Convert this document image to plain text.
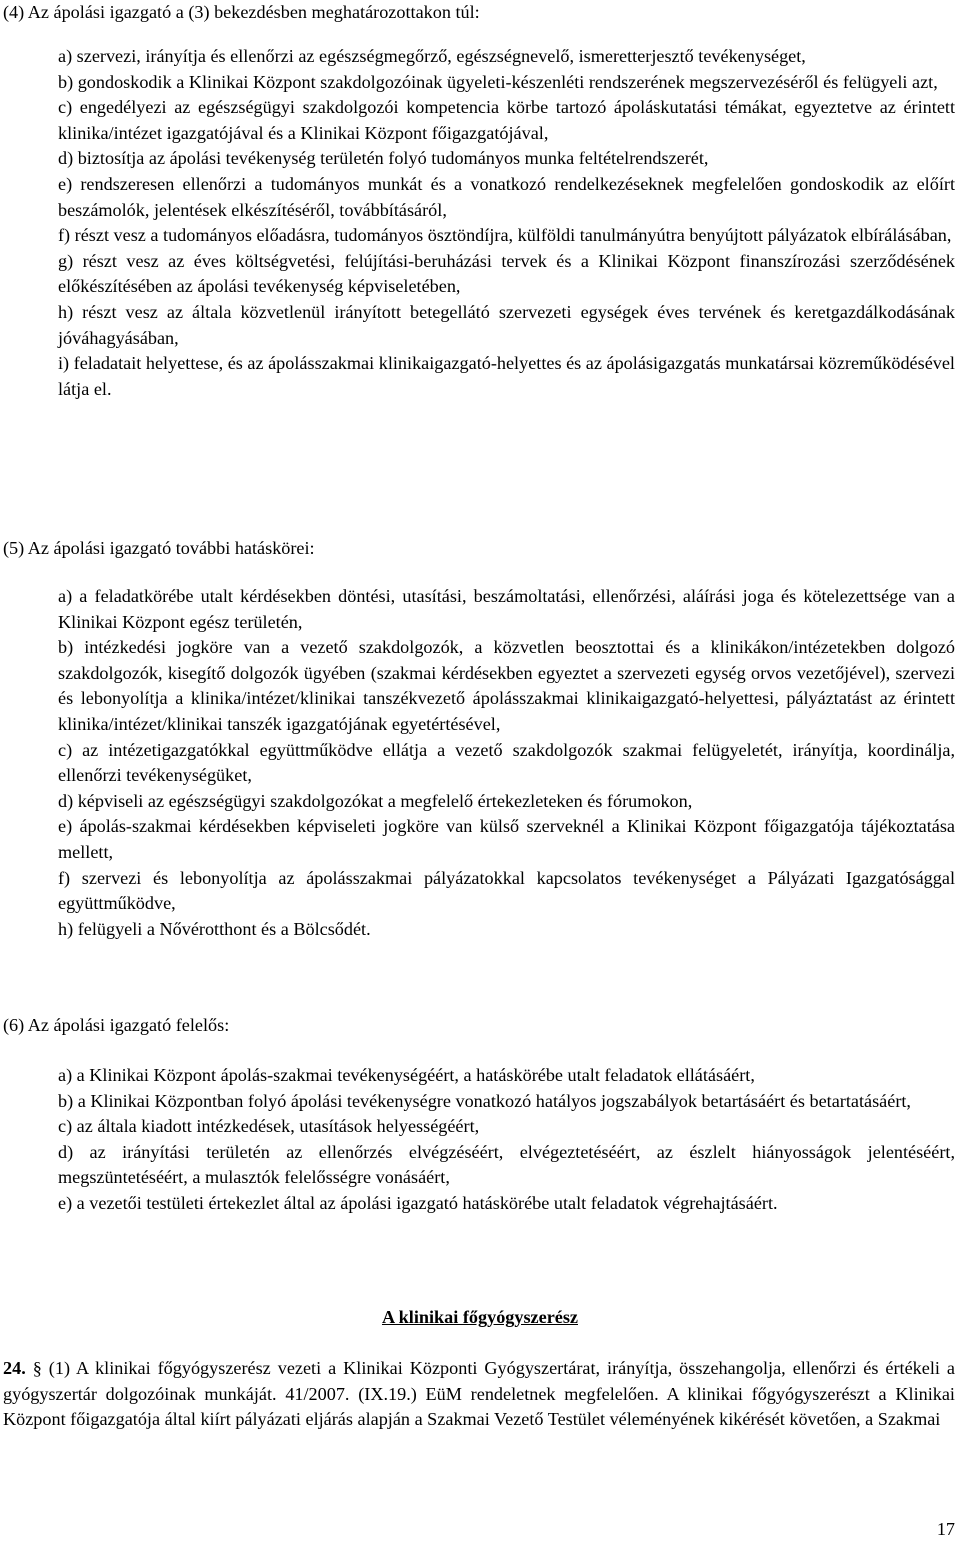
(4) Az ápolási igazgató a (3) bekezdésben meghatározottakon túl:

a) szervezi, irányítja és ellenőrzi az egészségmegőrző, egészségnevelő, ismeretterjesztő tevékenységet,

b) gondoskodik a Klinikai Központ szakdolgozóinak ügyeleti-készenléti rendszerének megszervezéséről és felügyeli azt,

c) engedélyezi az egészségügyi szakdolgozói kompetencia körbe tartozó ápoláskutatási témákat, egyeztetve az érintett klinika/intézet igazgatójával és a Klinikai Központ főigazgatójával,

d) biztosítja az ápolási tevékenység területén folyó tudományos munka feltételrendszerét,

e) rendszeresen ellenőrzi a tudományos munkát és a vonatkozó rendelkezéseknek megfelelően gondoskodik az előírt beszámolók, jelentések elkészítéséről, továbbításáról,

f) részt vesz a tudományos előadásra, tudományos ösztöndíjra, külföldi tanulmányútra benyújtott pályázatok elbírálásában,

g) részt vesz az éves költségvetési, felújítási-beruházási tervek és a Klinikai Központ finanszírozási szerződésének előkészítésében az ápolási tevékenység képviseletében,

h) részt vesz az általa közvetlenül irányított betegellátó szervezeti egységek éves tervének és keretgazdálkodásának jóváhagyásában,

i) feladatait helyettese, és az ápolásszakmai klinikaigazgató-helyettes és az ápolásigazgatás munkatársai közreműködésével látja el.

(5) Az ápolási igazgató további hatáskörei:

a) a feladatkörébe utalt kérdésekben döntési, utasítási, beszámoltatási, ellenőrzési, aláírási joga és kötelezettsége van a Klinikai Központ egész területén,

b) intézkedési jogköre van a vezető szakdolgozók, a közvetlen beosztottai és a klinikákon/intézetekben dolgozó szakdolgozók, kisegítő dolgozók ügyében (szakmai kérdésekben egyeztet a szervezeti egység orvos vezetőjével), szervezi és lebonyolítja a klinika/intézet/klinikai tanszékvezető ápolásszakmai klinikaigazgató-helyettesi, pályáztatást az érintett klinika/intézet/klinikai tanszék igazgatójának egyetértésével,

c) az intézetigazgatókkal együttműködve ellátja a vezető szakdolgozók szakmai felügyeletét, irányítja, koordinálja, ellenőrzi tevékenységüket,

d) képviseli az egészségügyi szakdolgozókat a megfelelő értekezleteken és fórumokon,

e) ápolás-szakmai kérdésekben képviseleti jogköre van külső szerveknél a Klinikai Központ főigazgatója tájékoztatása mellett,

f) szervezi és lebonyolítja az ápolásszakmai pályázatokkal kapcsolatos tevékenységet a Pályázati Igazgatósággal együttműködve,

h) felügyeli a Nővérotthont és a Bölcsődét.

(6) Az ápolási igazgató felelős:

a) a Klinikai Központ ápolás-szakmai tevékenységéért, a hatáskörébe utalt feladatok ellátásáért,

b) a Klinikai Központban folyó ápolási tevékenységre vonatkozó hatályos jogszabályok betartásáért és betartatásáért,

c) az általa kiadott intézkedések, utasítások helyességéért,

d) az irányítási területén az ellenőrzés elvégzéséért, elvégeztetéséért, az észlelt hiányosságok jelentéséért, megszüntetéséért, a mulasztók felelősségre vonásáért,

e) a vezetői testületi értekezlet által az ápolási igazgató hatáskörébe utalt feladatok végrehajtásáért.

A klinikai főgyógyszerész

24. § (1) A klinikai főgyógyszerész vezeti a Klinikai Központi Gyógyszertárat, irányítja, összehangolja, ellenőrzi és értékeli a gyógyszertár dolgozóinak munkáját. 41/2007. (IX.19.) EüM rendeletnek megfelelően. A klinikai főgyógyszerészt a Klinikai Központ főigazgatója által kiírt pályázati eljárás alapján a Szakmai Vezető Testület véleményének kikérését követően, a Szakmai

17
